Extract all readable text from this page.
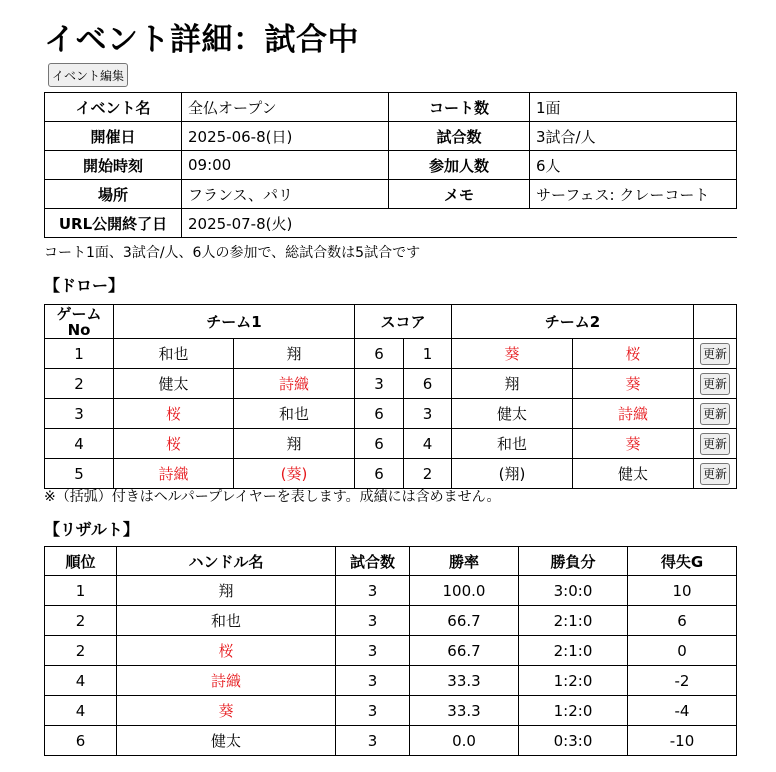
イベント詳細：試合中
イベント編集
イベント名	全仏オープン	コート数	1面
開催日	2025-06-8(日)	試合数	3試合/人
開始時刻	09:00	参加人数	6人
場所	フランス、パリ	メモ	サーフェス: クレーコート
URL公開終了日	2025-07-8(火)		
コート1面、3試合/人、6人の参加で、総試合数は5試合です
【ドロー】
ゲーム
No	チーム1		スコア		チーム2		
1	和也	翔	6	1	葵	桜	更新
2	健太	詩織	3	6	翔	葵	更新
3	桜	和也	6	3	健太	詩織	更新
4	桜	翔	6	4	和也	葵	更新
5	詩織	(葵)	6	2	(翔)	健太	更新
※（括弧）付きはヘルパープレイヤーを表します。成績には含めません。
【リザルト】
順位	ハンドル名	試合数	勝率	勝負分	得失G
1	翔	3	100.0	3:0:0	10
2	和也	3	66.7	2:1:0	6
2	桜	3	66.7	2:1:0	0
4	詩織	3	33.3	1:2:0	-2
4	葵	3	33.3	1:2:0	-4
6	健太	3	0.0	0:3:0	-10
